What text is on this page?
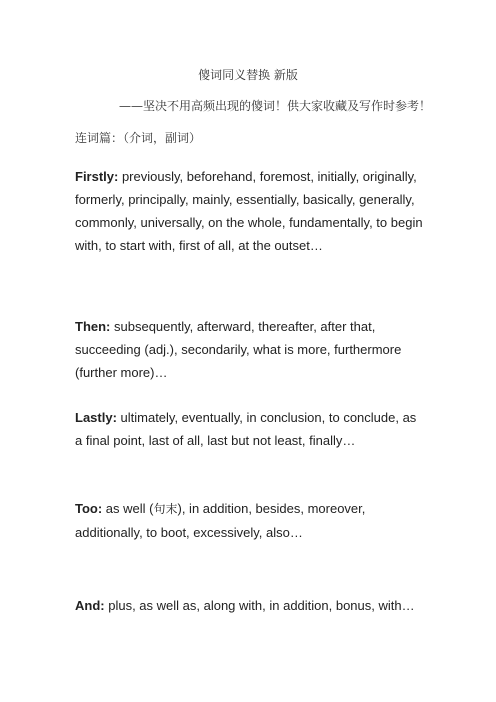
傻词同义替换 新版
——坚决不用高频出现的傻词！供大家收藏及写作时参考！
连词篇：（介词，副词）
Firstly: previously, beforehand, foremost, initially, originally, formerly, principally, mainly, essentially, basically, generally, commonly, universally, on the whole, fundamentally, to begin with, to start with, first of all, at the outset…
Then: subsequently, afterward, thereafter, after that, succeeding (adj.), secondarily, what is more, furthermore (further more)…
Lastly: ultimately, eventually, in conclusion, to conclude, as a final point, last of all, last but not least, finally…
Too: as well (句末), in addition, besides, moreover, additionally, to boot, excessively, also…
And: plus, as well as, along with, in addition, bonus, with…
